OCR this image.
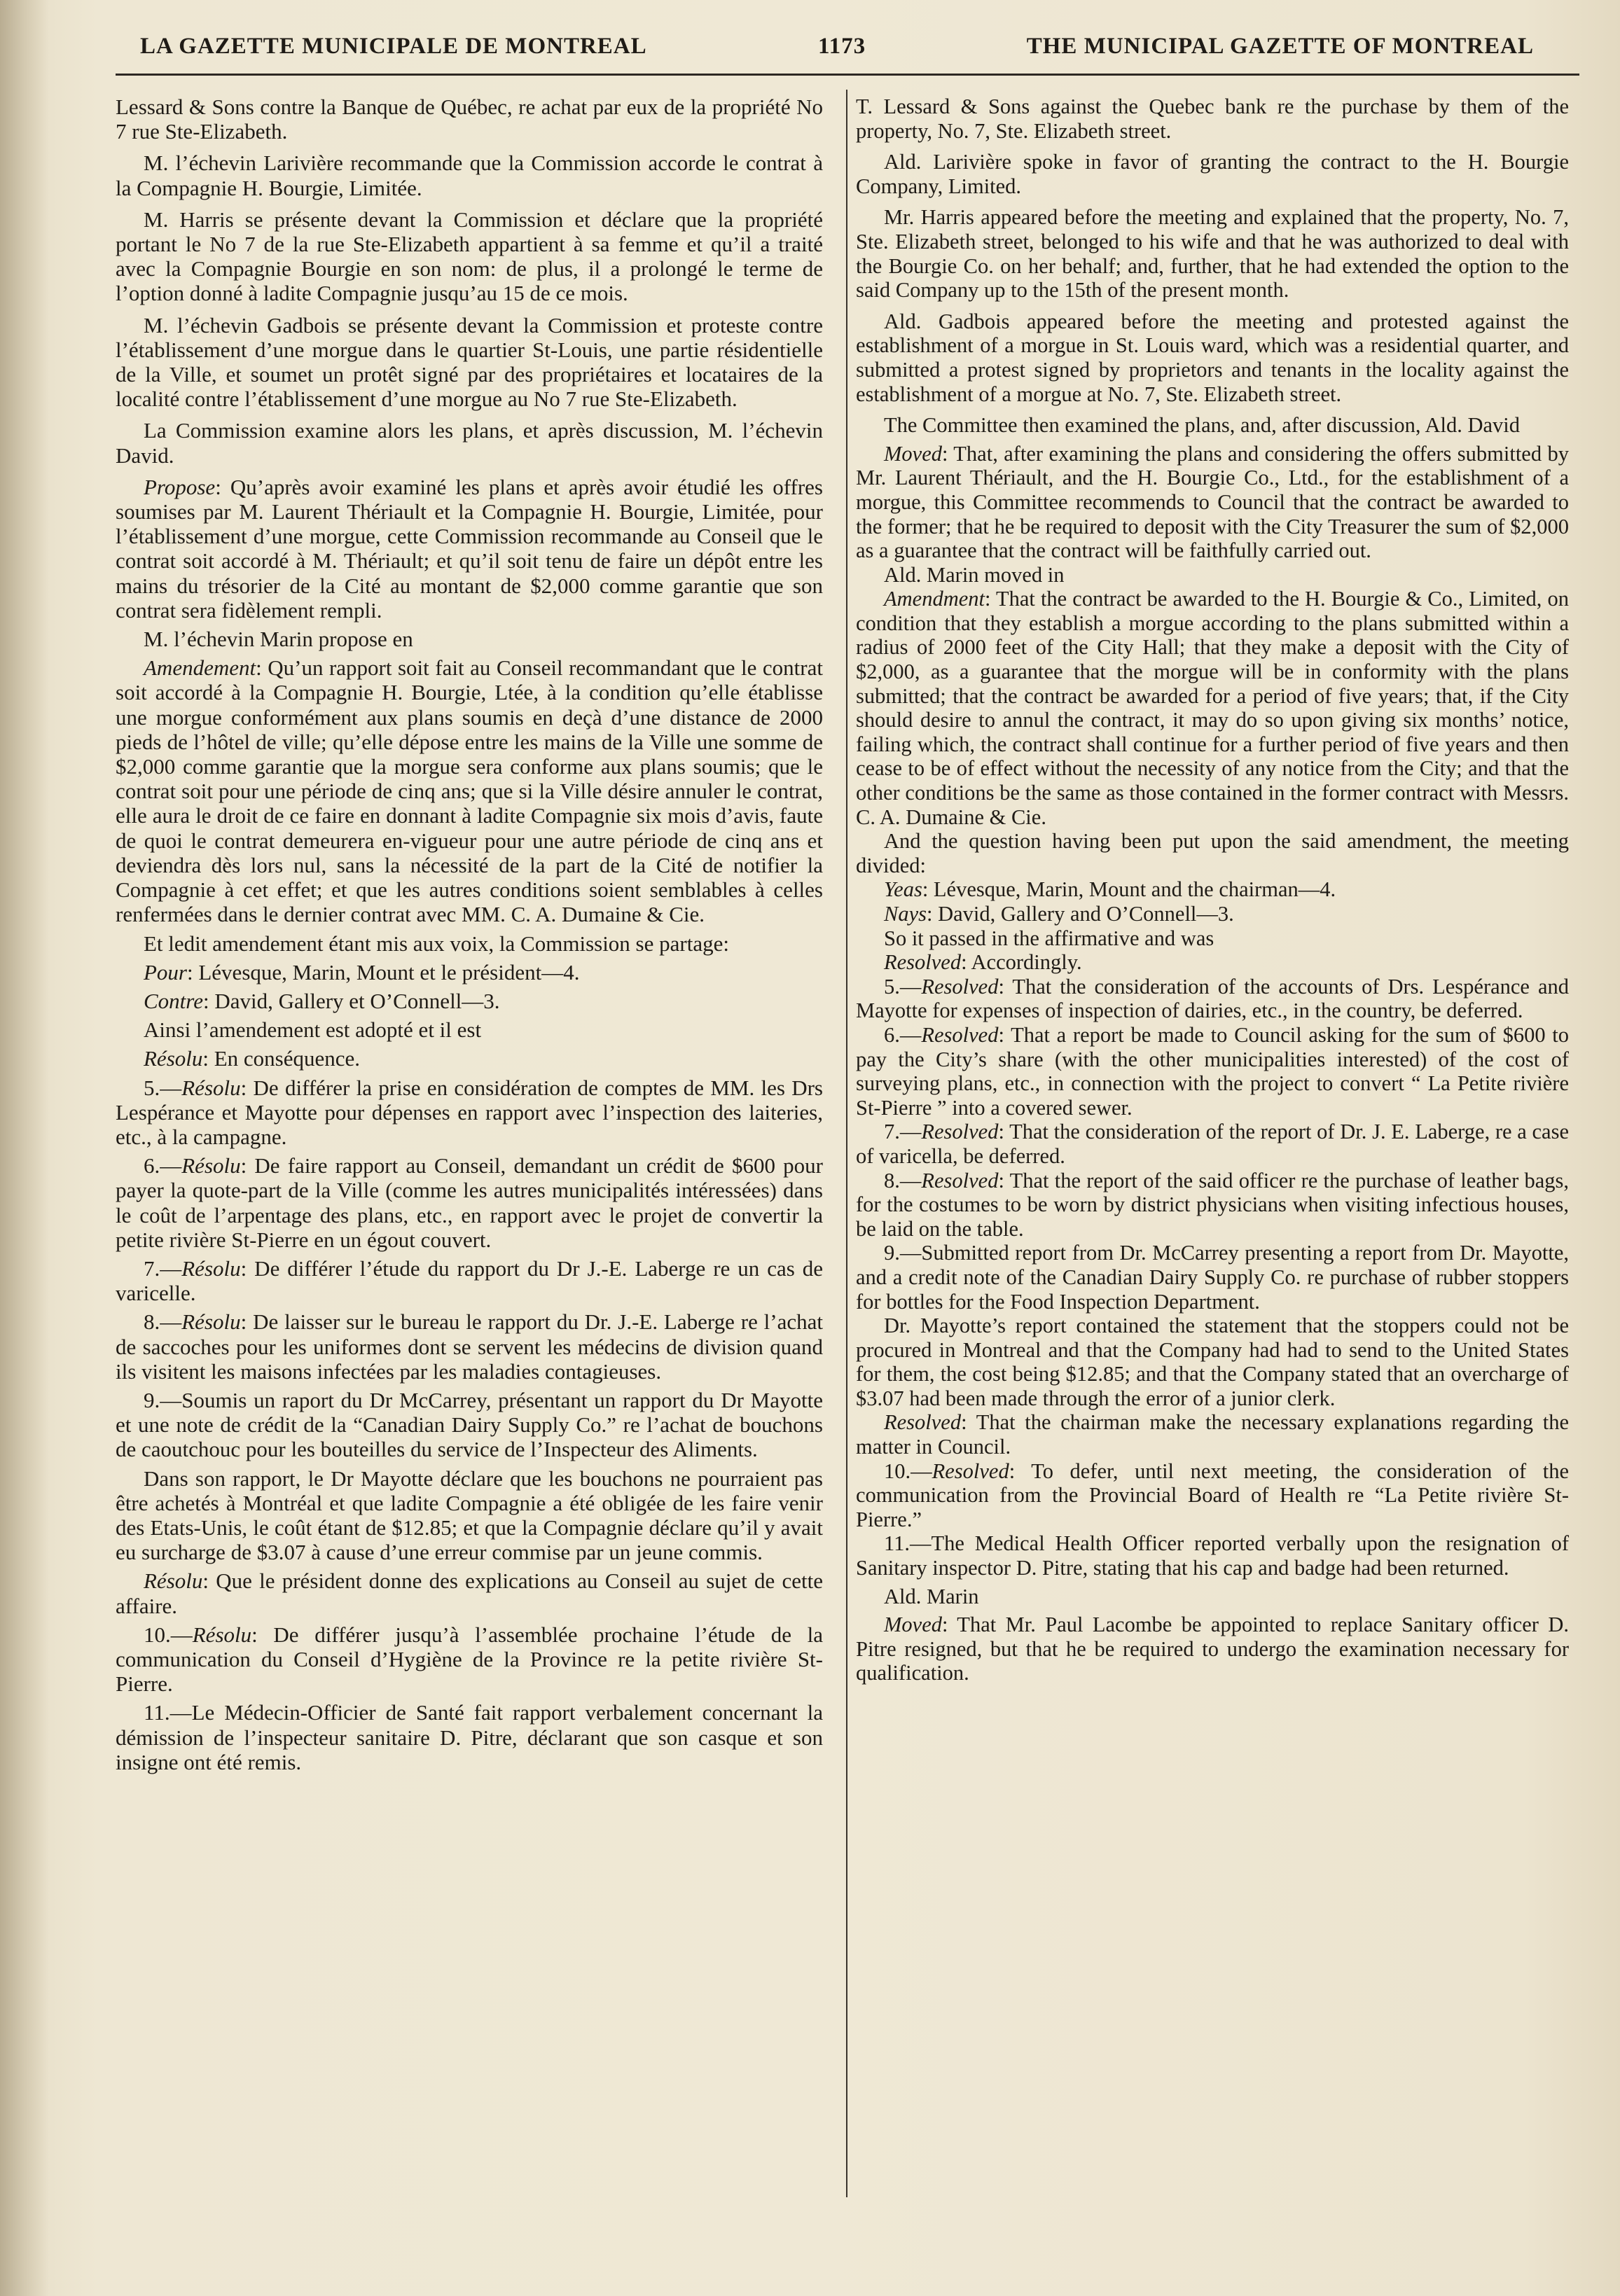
LA GAZETTE MUNICIPALE DE MONTREAL	1173	THE MUNICIPAL GAZETTE OF MONTREAL

Lessard & Sons contre la Banque de Québec, re achat par eux de la propriété No 7 rue Ste-Elizabeth.

M. l’échevin Larivière recommande que la Commission accorde le contrat à la Compagnie H. Bourgie, Limitée.

M. Harris se présente devant la Commission et déclare que la propriété portant le No 7 de la rue Ste-Elizabeth appartient à sa femme et qu’il a traité avec la Compagnie Bourgie en son nom: de plus, il a prolongé le terme de l’option donné à ladite Compagnie jusqu’au 15 de ce mois.

M. l’échevin Gadbois se présente devant la Commission et proteste contre l’établissement d’une morgue dans le quartier St-Louis, une partie résidentielle de la Ville, et soumet un protêt signé par des propriétaires et locataires de la localité contre l’établissement d’une morgue au No 7 rue Ste-Elizabeth.

La Commission examine alors les plans, et après discussion, M. l’échevin David.

Propose: Qu’après avoir examiné les plans et après avoir étudié les offres soumises par M. Laurent Thériault et la Compagnie H. Bourgie, Limitée, pour l’établissement d’une morgue, cette Commission recommande au Conseil que le contrat soit accordé à M. Thériault; et qu’il soit tenu de faire un dépôt entre les mains du trésorier de la Cité au montant de $2,000 comme garantie que son contrat sera fidèlement rempli.

M. l’échevin Marin propose en

Amendement: Qu’un rapport soit fait au Conseil recommandant que le contrat soit accordé à la Compagnie H. Bourgie, Ltée, à la condition qu’elle établisse une morgue conformément aux plans soumis en deçà d’une distance de 2000 pieds de l’hôtel de ville; qu’elle dépose entre les mains de la Ville une somme de $2,000 comme garantie que la morgue sera conforme aux plans soumis; que le contrat soit pour une période de cinq ans; que si la Ville désire annuler le contrat, elle aura le droit de ce faire en donnant à ladite Compagnie six mois d’avis, faute de quoi le contrat demeurera en-vigueur pour une autre période de cinq ans et deviendra dès lors nul, sans la nécessité de la part de la Cité de notifier la Compagnie à cet effet; et que les autres conditions soient semblables à celles renfermées dans le dernier contrat avec MM. C. A. Dumaine & Cie.

Et ledit amendement étant mis aux voix, la Commission se partage:

Pour: Lévesque, Marin, Mount et le président—4.

Contre: David, Gallery et O’Connell—3.

Ainsi l’amendement est adopté et il est

Résolu: En conséquence.

5.—Résolu: De différer la prise en considération de comptes de MM. les Drs Lespérance et Mayotte pour dépenses en rapport avec l’inspection des laiteries, etc., à la campagne.

6.—Résolu: De faire rapport au Conseil, demandant un crédit de $600 pour payer la quote-part de la Ville (comme les autres municipalités intéressées) dans le coût de l’arpentage des plans, etc., en rapport avec le projet de convertir la petite rivière St-Pierre en un égout couvert.

7.—Résolu: De différer l’étude du rapport du Dr J.-E. Laberge re un cas de varicelle.

8.—Résolu: De laisser sur le bureau le rapport du Dr. J.-E. Laberge re l’achat de saccoches pour les uniformes dont se servent les médecins de division quand ils visitent les maisons infectées par les maladies contagieuses.

9.—Soumis un raport du Dr McCarrey, présentant un rapport du Dr Mayotte et une note de crédit de la “Canadian Dairy Supply Co.” re l’achat de bouchons de caoutchouc pour les bouteilles du service de l’Inspecteur des Aliments.

Dans son rapport, le Dr Mayotte déclare que les bouchons ne pourraient pas être achetés à Montréal et que ladite Compagnie a été obligée de les faire venir des Etats-Unis, le coût étant de $12.85; et que la Compagnie déclare qu’il y avait eu surcharge de $3.07 à cause d’une erreur commise par un jeune commis.

Résolu: Que le président donne des explications au Conseil au sujet de cette affaire.

10.—Résolu: De différer jusqu’à l’assemblée prochaine l’étude de la communication du Conseil d’Hygiène de la Province re la petite rivière St-Pierre.

11.—Le Médecin-Officier de Santé fait rapport verbalement concernant la démission de l’inspecteur sanitaire D. Pitre, déclarant que son casque et son insigne ont été remis.

T. Lessard & Sons against the Quebec bank re the purchase by them of the property, No. 7, Ste. Elizabeth street.

Ald. Larivière spoke in favor of granting the contract to the H. Bourgie Company, Limited.

Mr. Harris appeared before the meeting and explained that the property, No. 7, Ste. Elizabeth street, belonged to his wife and that he was authorized to deal with the Bourgie Co. on her behalf; and, further, that he had extended the option to the said Company up to the 15th of the present month.

Ald. Gadbois appeared before the meeting and protested against the establishment of a morgue in St. Louis ward, which was a residential quarter, and submitted a protest signed by proprietors and tenants in the locality against the establishment of a morgue at No. 7, Ste. Elizabeth street.

The Committee then examined the plans, and, after discussion, Ald. David

Moved: That, after examining the plans and considering the offers submitted by Mr. Laurent Thériault, and the H. Bourgie Co., Ltd., for the establishment of a morgue, this Committee recommends to Council that the contract be awarded to the former; that he be required to deposit with the City Treasurer the sum of $2,000 as a guarantee that the contract will be faithfully carried out.

Ald. Marin moved in

Amendment: That the contract be awarded to the H. Bourgie & Co., Limited, on condition that they establish a morgue according to the plans submitted within a radius of 2000 feet of the City Hall; that they make a deposit with the City of $2,000, as a guarantee that the morgue will be in conformity with the plans submitted; that the contract be awarded for a period of five years; that, if the City should desire to annul the contract, it may do so upon giving six months’ notice, failing which, the contract shall continue for a further period of five years and then cease to be of effect without the necessity of any notice from the City; and that the other conditions be the same as those contained in the former contract with Messrs. C. A. Dumaine & Cie.

And the question having been put upon the said amendment, the meeting divided:

Yeas: Lévesque, Marin, Mount and the chairman—4.

Nays: David, Gallery and O’Connell—3.

So it passed in the affirmative and was

Resolved: Accordingly.

5.—Resolved: That the consideration of the accounts of Drs. Lespérance and Mayotte for expenses of inspection of dairies, etc., in the country, be deferred.

6.—Resolved: That a report be made to Council asking for the sum of $600 to pay the City’s share (with the other municipalities interested) of the cost of surveying plans, etc., in connection with the project to convert “ La Petite rivière St-Pierre ” into a covered sewer.

7.—Resolved: That the consideration of the report of Dr. J. E. Laberge, re a case of varicella, be deferred.

8.—Resolved: That the report of the said officer re the purchase of leather bags, for the costumes to be worn by district physicians when visiting infectious houses, be laid on the table.

9.—Submitted report from Dr. McCarrey presenting a report from Dr. Mayotte, and a credit note of the Canadian Dairy Supply Co. re purchase of rubber stoppers for bottles for the Food Inspection Department.

Dr. Mayotte’s report contained the statement that the stoppers could not be procured in Montreal and that the Company had had to send to the United States for them, the cost being $12.85; and that the Company stated that an overcharge of $3.07 had been made through the error of a junior clerk.

Resolved: That the chairman make the necessary explanations regarding the matter in Council.

10.—Resolved: To defer, until next meeting, the consideration of the communication from the Provincial Board of Health re “La Petite rivière St-Pierre.”

11.—The Medical Health Officer reported verbally upon the resignation of Sanitary inspector D. Pitre, stating that his cap and badge had been returned.

Ald. Marin

Moved: That Mr. Paul Lacombe be appointed to replace Sanitary officer D. Pitre resigned, but that he be required to undergo the examination necessary for qualification.
